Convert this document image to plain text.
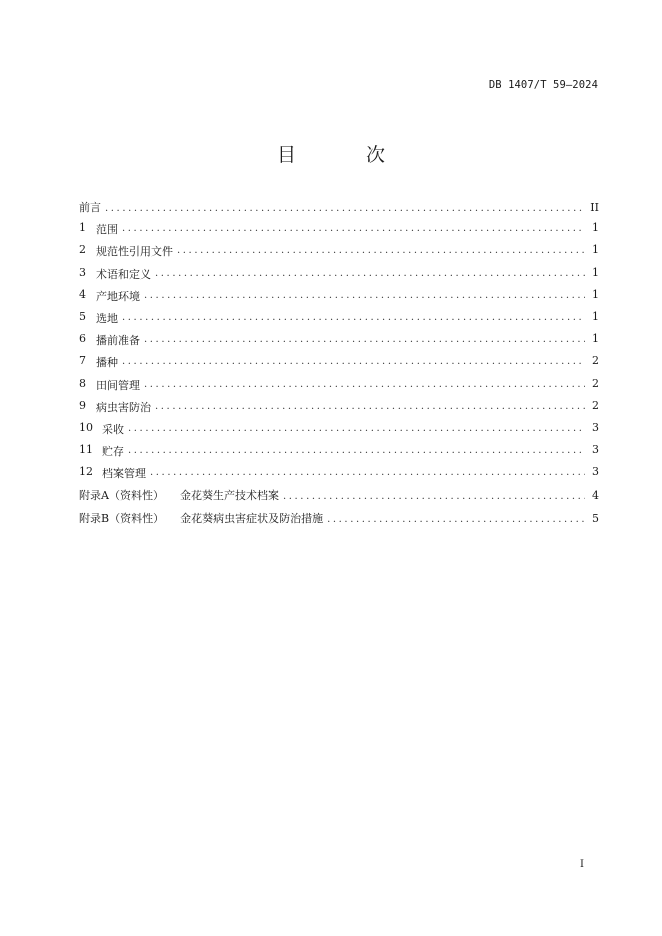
DB 1407/T 59—2024
目 次
前言 .....	II
1 范围 .....	1
2 规范性引用文件 .....	1
3 术语和定义 .....	1
4 产地环境 .....	1
5 选地 .....	1
6 播前准备 .....	1
7 播种 .....	2
8 田间管理 .....	2
9 病虫害防治 .....	2
10 采收 .....	3
11 贮存 .....	3
12 档案管理 .....	3
附录A（资料性） 金花葵生产技术档案 .....	4
附录B（资料性） 金花葵病虫害症状及防治措施 .....	5
I
